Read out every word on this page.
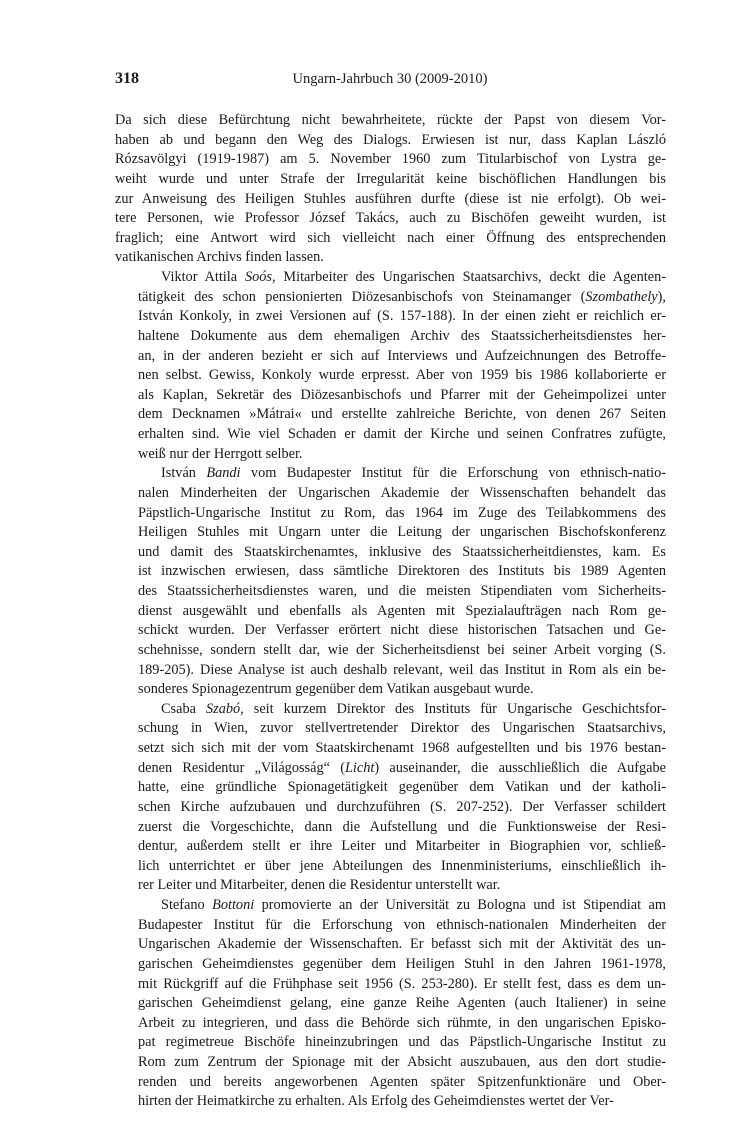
318	Ungarn-Jahrbuch 30 (2009-2010)

Da sich diese Befürchtung nicht bewahrheitete, rückte der Papst von diesem Vor-
haben ab und begann den Weg des Dialogs. Erwiesen ist nur, dass Kaplan László
Rózsavölgyi (1919-1987) am 5. November 1960 zum Titularbischof von Lystra ge-
weiht wurde und unter Strafe der Irregularität keine bischöflichen Handlungen bis
zur Anweisung des Heiligen Stuhles ausführen durfte (diese ist nie erfolgt). Ob wei-
tere Personen, wie Professor József Takács, auch zu Bischöfen geweiht wurden, ist
fraglich; eine Antwort wird sich vielleicht nach einer Öffnung des entsprechenden
vatikanischen Archivs finden lassen.

Viktor Attila Soós, Mitarbeiter des Ungarischen Staatsarchivs, deckt die Agenten-
tätigkeit des schon pensionierten Diözesanbischofs von Steinamanger (Szombathely),
István Konkoly, in zwei Versionen auf (S. 157-188). In der einen zieht er reichlich er-
haltene Dokumente aus dem ehemaligen Archiv des Staatssicherheitsdienstes her-
an, in der anderen bezieht er sich auf Interviews und Aufzeichnungen des Betroffe-
nen selbst. Gewiss, Konkoly wurde erpresst. Aber von 1959 bis 1986 kollaborierte er
als Kaplan, Sekretär des Diözesanbischofs und Pfarrer mit der Geheimpolizei unter
dem Decknamen »Mátrai« und erstellte zahlreiche Berichte, von denen 267 Seiten
erhalten sind. Wie viel Schaden er damit der Kirche und seinen Confratres zufügte,
weiß nur der Herrgott selber.

István Bandi vom Budapester Institut für die Erforschung von ethnisch-natio-
nalen Minderheiten der Ungarischen Akademie der Wissenschaften behandelt das
Päpstlich-Ungarische Institut zu Rom, das 1964 im Zuge des Teilabkommens des
Heiligen Stuhles mit Ungarn unter die Leitung der ungarischen Bischofskonferenz
und damit des Staatskirchenamtes, inklusive des Staatssicherheitdienstes, kam. Es
ist inzwischen erwiesen, dass sämtliche Direktoren des Instituts bis 1989 Agenten
des Staatssicherheitsdienstes waren, und die meisten Stipendiaten vom Sicherheits-
dienst ausgewählt und ebenfalls als Agenten mit Spezialaufträgen nach Rom ge-
schickt wurden. Der Verfasser erörtert nicht diese historischen Tatsachen und Ge-
schehnisse, sondern stellt dar, wie der Sicherheitsdienst bei seiner Arbeit vorging (S.
189-205). Diese Analyse ist auch deshalb relevant, weil das Institut in Rom als ein be-
sonderes Spionagezentrum gegenüber dem Vatikan ausgebaut wurde.

Csaba Szabó, seit kurzem Direktor des Instituts für Ungarische Geschichtsfor-
schung in Wien, zuvor stellvertretender Direktor des Ungarischen Staatsarchivs,
setzt sich sich mit der vom Staatskirchenamt 1968 aufgestellten und bis 1976 bestan-
denen Residentur „Világosság“ (Licht) auseinander, die ausschließlich die Aufgabe
hatte, eine gründliche Spionagetätigkeit gegenüber dem Vatikan und der katholi-
schen Kirche aufzubauen und durchzuführen (S. 207-252). Der Verfasser schildert
zuerst die Vorgeschichte, dann die Aufstellung und die Funktionsweise der Resi-
dentur, außerdem stellt er ihre Leiter und Mitarbeiter in Biographien vor, schließ-
lich unterrichtet er über jene Abteilungen des Innenministeriums, einschließlich ih-
rer Leiter und Mitarbeiter, denen die Residentur unterstellt war.

Stefano Bottoni promovierte an der Universität zu Bologna und ist Stipendiat am
Budapester Institut für die Erforschung von ethnisch-nationalen Minderheiten der
Ungarischen Akademie der Wissenschaften. Er befasst sich mit der Aktivität des un-
garischen Geheimdienstes gegenüber dem Heiligen Stuhl in den Jahren 1961-1978,
mit Rückgriff auf die Frühphase seit 1956 (S. 253-280). Er stellt fest, dass es dem un-
garischen Geheimdienst gelang, eine ganze Reihe Agenten (auch Italiener) in seine
Arbeit zu integrieren, und dass die Behörde sich rühmte, in den ungarischen Episko-
pat regimetreue Bischöfe hineinzubringen und das Päpstlich-Ungarische Institut zu
Rom zum Zentrum der Spionage mit der Absicht auszubauen, aus den dort studie-
renden und bereits angeworbenen Agenten später Spitzenfunktionäre und Ober-
hirten der Heimatkirche zu erhalten. Als Erfolg des Geheimdienstes wertet der Ver-
